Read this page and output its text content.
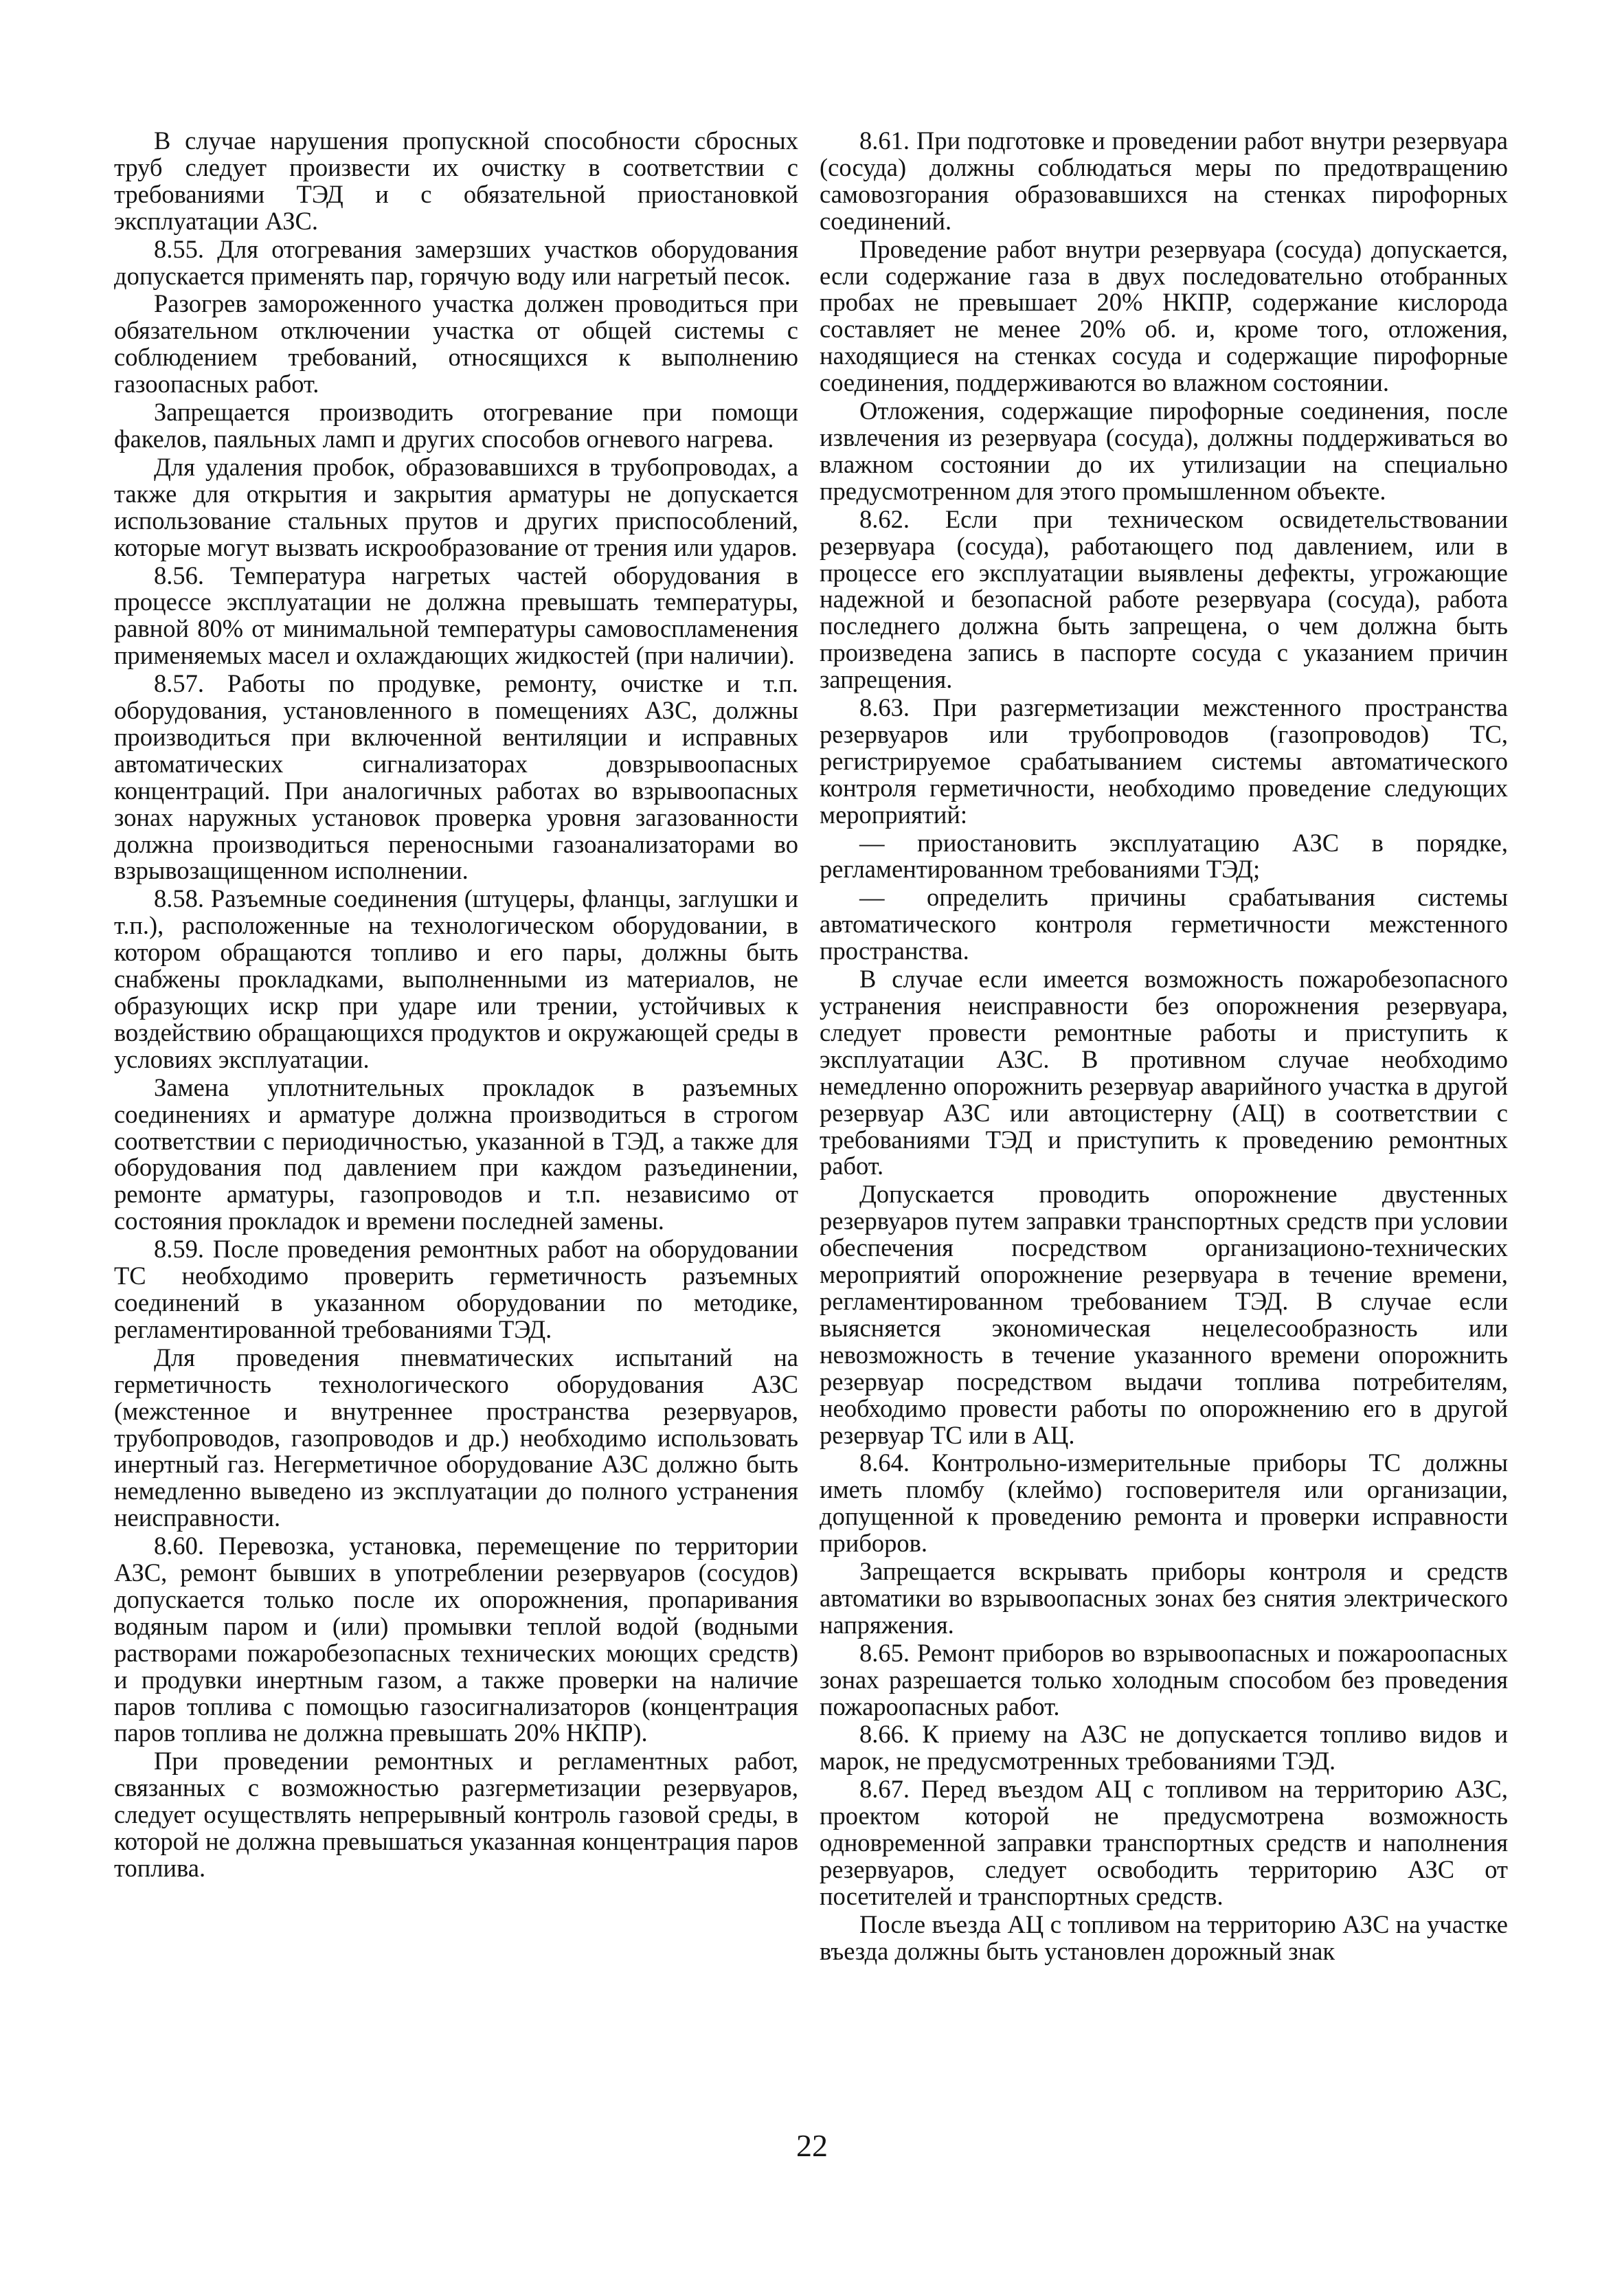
В случае нарушения пропускной способности сбросных труб следует произвести их очистку в соответствии с требованиями ТЭД и с обязательной приостановкой эксплуатации АЗС.

8.55. Для отогревания замерзших участков оборудования допускается применять пар, горячую воду или нагретый песок.

Разогрев замороженного участка должен проводиться при обязательном отключении участка от общей системы с соблюдением требований, относящихся к выполнению газоопасных работ.

Запрещается производить отогревание при помощи факелов, паяльных ламп и других способов огневого нагрева.

Для удаления пробок, образовавшихся в трубопроводах, а также для открытия и закрытия арматуры не допускается использование стальных прутов и других приспособлений, которые могут вызвать искрообразование от трения или ударов.

8.56. Температура нагретых частей оборудования в процессе эксплуатации не должна превышать температуры, равной 80% от минимальной температуры самовоспламенения применяемых масел и охлаждающих жидкостей (при наличии).

8.57. Работы по продувке, ремонту, очистке и т.п. оборудования, установленного в помещениях АЗС, должны производиться при включенной вентиляции и исправных автоматических сигнализаторах довзрывоопасных концентраций. При аналогичных работах во взрывоопасных зонах наружных установок проверка уровня загазованности должна производиться переносными газоанализаторами во взрывозащищенном исполнении.

8.58. Разъемные соединения (штуцеры, фланцы, заглушки и т.п.), расположенные на технологическом оборудовании, в котором обращаются топливо и его пары, должны быть снабжены прокладками, выполненными из материалов, не образующих искр при ударе или трении, устойчивых к воздействию обращающихся продуктов и окружающей среды в условиях эксплуатации.

Замена уплотнительных прокладок в разъемных соединениях и арматуре должна производиться в строгом соответствии с периодичностью, указанной в ТЭД, а также для оборудования под давлением при каждом разъединении, ремонте арматуры, газопроводов и т.п. независимо от состояния прокладок и времени последней замены.

8.59. После проведения ремонтных работ на оборудовании ТС необходимо проверить герметичность разъемных соединений в указанном оборудовании по методике, регламентированной требованиями ТЭД.

Для проведения пневматических испытаний на герметичность технологического оборудования АЗС (межстенное и внутреннее пространства резервуаров, трубопроводов, газопроводов и др.) необходимо использовать инертный газ. Негерметичное оборудование АЗС должно быть немедленно выведено из эксплуатации до полного устранения неисправности.

8.60. Перевозка, установка, перемещение по территории АЗС, ремонт бывших в употреблении резервуаров (сосудов) допускается только после их опорожнения, пропаривания водяным паром и (или) промывки теплой водой (водными растворами пожаробезопасных технических моющих средств) и продувки инертным газом, а также проверки на наличие паров топлива с помощью газосигнализаторов (концентрация паров топлива не должна превышать 20% НКПР).

При проведении ремонтных и регламентных работ, связанных с возможностью разгерметизации резервуаров, следует осуществлять непрерывный контроль газовой среды, в которой не должна превышаться указанная концентрация паров топлива.

8.61. При подготовке и проведении работ внутри резервуара (сосуда) должны соблюдаться меры по предотвращению самовозгорания образовавшихся на стенках пирофорных соединений.

Проведение работ внутри резервуара (сосуда) допускается, если содержание газа в двух последовательно отобранных пробах не превышает 20% НКПР, содержание кислорода составляет не менее 20% об. и, кроме того, отложения, находящиеся на стенках сосуда и содержащие пирофорные соединения, поддерживаются во влажном состоянии.

Отложения, содержащие пирофорные соединения, после извлечения из резервуара (сосуда), должны поддерживаться во влажном состоянии до их утилизации на специально предусмотренном для этого промышленном объекте.

8.62. Если при техническом освидетельствовании резервуара (сосуда), работающего под давлением, или в процессе его эксплуатации выявлены дефекты, угрожающие надежной и безопасной работе резервуара (сосуда), работа последнего должна быть запрещена, о чем должна быть произведена запись в паспорте сосуда с указанием причин запрещения.

8.63. При разгерметизации межстенного пространства резервуаров или трубопроводов (газопроводов) ТС, регистрируемое срабатыванием системы автоматического контроля герметичности, необходимо проведение следующих мероприятий:

— приостановить эксплуатацию АЗС в порядке, регламентированном требованиями ТЭД;

— определить причины срабатывания системы автоматического контроля герметичности межстенного пространства.

В случае если имеется возможность пожаробезопасного устранения неисправности без опорожнения резервуара, следует провести ремонтные работы и приступить к эксплуатации АЗС. В противном случае необходимо немедленно опорожнить резервуар аварийного участка в другой резервуар АЗС или автоцистерну (АЦ) в соответствии с требованиями ТЭД и приступить к проведению ремонтных работ.

Допускается проводить опорожнение двустенных резервуаров путем заправки транспортных средств при условии обеспечения посредством организационо-технических мероприятий опорожнение резервуара в течение времени, регламентированном требованием ТЭД. В случае если выясняется экономическая нецелесообразность или невозможность в течение указанного времени опорожнить резервуар посредством выдачи топлива потребителям, необходимо провести работы по опорожнению его в другой резервуар ТС или в АЦ.

8.64. Контрольно-измерительные приборы ТС должны иметь пломбу (клеймо) госповерителя или организации, допущенной к проведению ремонта и проверки исправности приборов.

Запрещается вскрывать приборы контроля и средств автоматики во взрывоопасных зонах без снятия электрического напряжения.

8.65. Ремонт приборов во взрывоопасных и пожароопасных зонах разрешается только холодным способом без проведения пожароопасных работ.

8.66. К приему на АЗС не допускается топливо видов и марок, не предусмотренных требованиями ТЭД.

8.67. Перед въездом АЦ с топливом на территорию АЗС, проектом которой не предусмотрена возможность одновременной заправки транспортных средств и наполнения резервуаров, следует освободить территорию АЗС от посетителей и транспортных средств.

После въезда АЦ с топливом на территорию АЗС на участке въезда должны быть установлен дорожный знак

22
